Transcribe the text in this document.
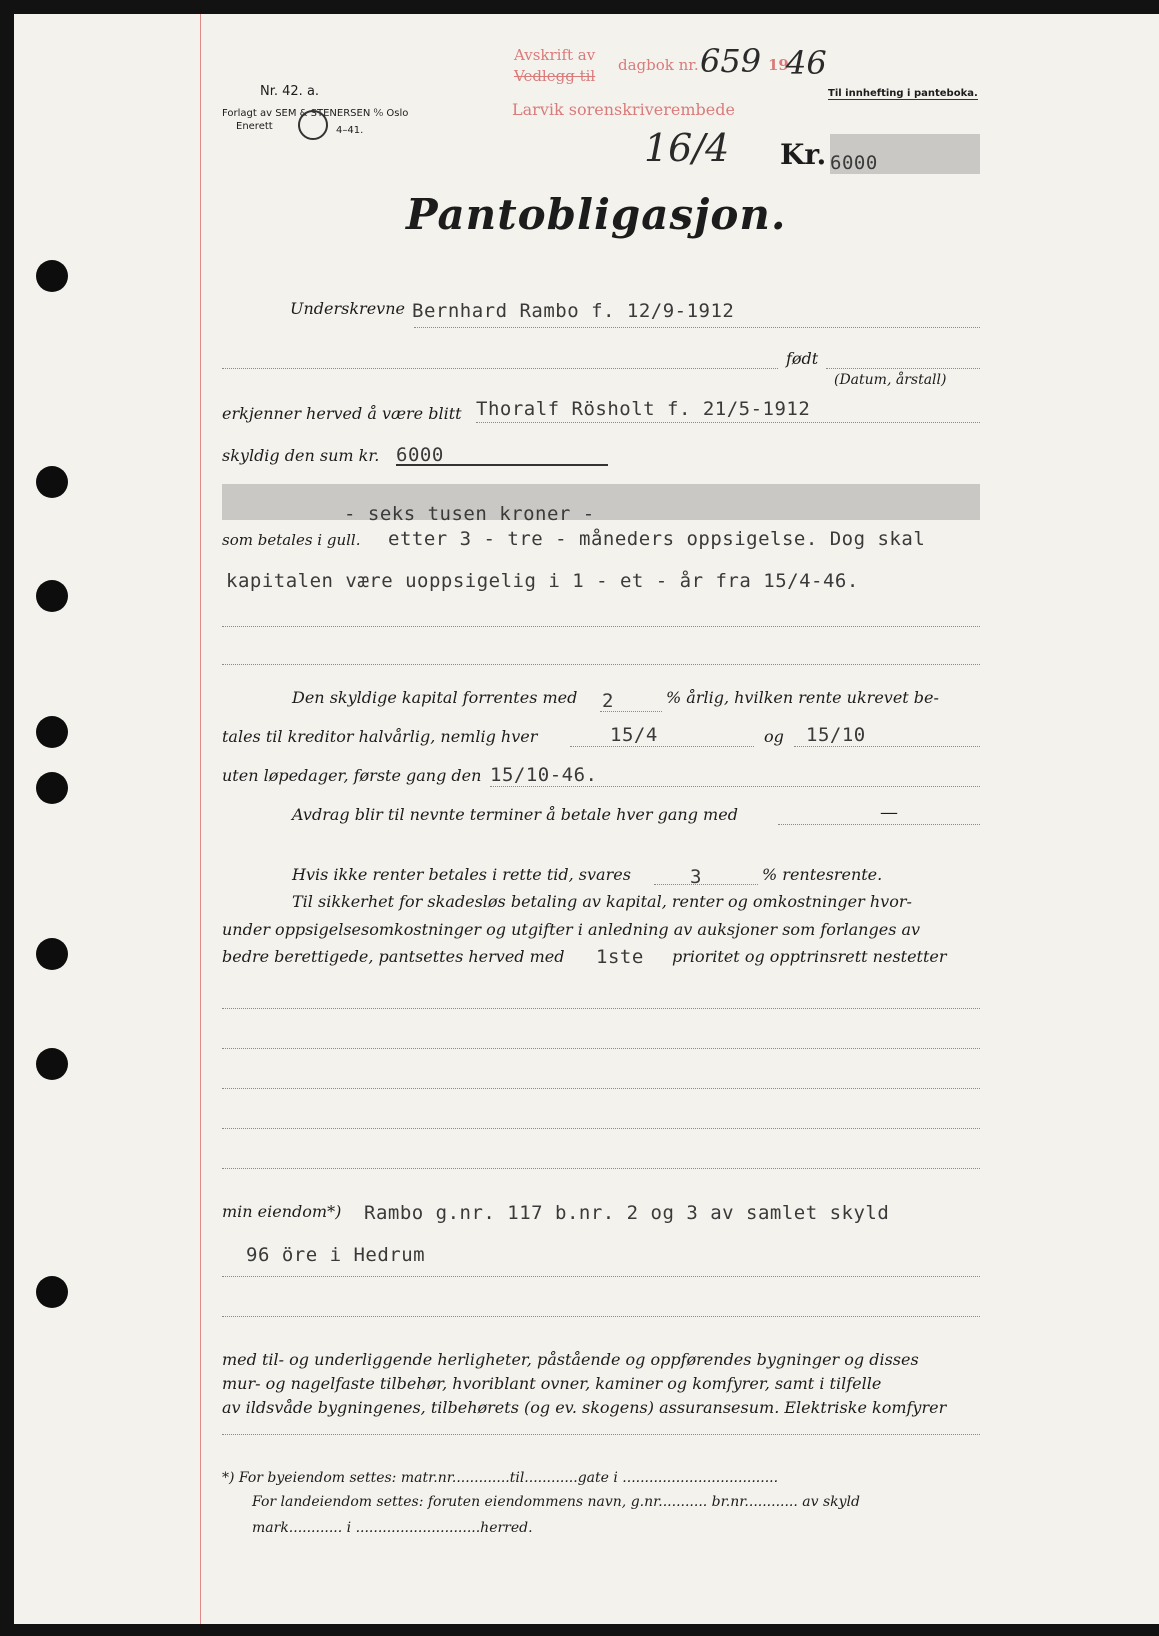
Nr. 42. a.
Forlagt av SEM & STENERSEN ⁰⁄₀ Oslo
Enerett	4–41.
Avskrift av
Vedlegg til
dagbok nr. 659 19
46
Larvik sorenskriverembede
Til innhefting i panteboka.
16/4 Kr. 6000
Pantobligasjon.
Underskrevne Bernhard Rambo f. 12/9-1912
født
(Datum, årstall)
erkjenner herved å være blitt Thoralf Rösholt f. 21/5-1912
skyldig den sum kr. 6000
- seks tusen kroner -
som betales i gull. etter 3 - tre - måneders oppsigelse. Dog skal
kapitalen være uoppsigelig i 1 - et - år fra 15/4-46.
Den skyldige kapital forrentes med 2	% årlig, hvilken rente ukrevet be-
tales til kreditor halvårlig, nemlig hver	15/4	og 15/10
uten løpedager, første gang den 15/10-46.
Avdrag blir til nevnte terminer å betale hver gang med	—
Hvis ikke renter betales i rette tid, svares	3	% rentesrente.
Til sikkerhet for skadesløs betaling av kapital, renter og omkostninger hvor-
under oppsigelsesomkostninger og utgifter i anledning av auksjoner som forlanges av
bedre berettigede, pantsettes herved med 1ste prioritet og opptrinsrett nestetter
min eiendom*) Rambo g.nr. 117 b.nr. 2 og 3 av samlet skyld
96 öre i Hedrum
med til- og underliggende herligheter, påstående og oppførendes bygninger og disses
mur- og nagelfaste tilbehør, hvoriblant ovner, kaminer og komfyrer, samt i tilfelle
av ildsvåde bygningenes, tilbehørets (og ev. skogens) assuransesum. Elektriske komfyrer
*) For byeiendom settes: matr.nr.............til............gate i ...................................
For landeiendom settes: foruten eiendommens navn, g.nr........... br.nr............ av skyld
mark............ i ............................herred.
